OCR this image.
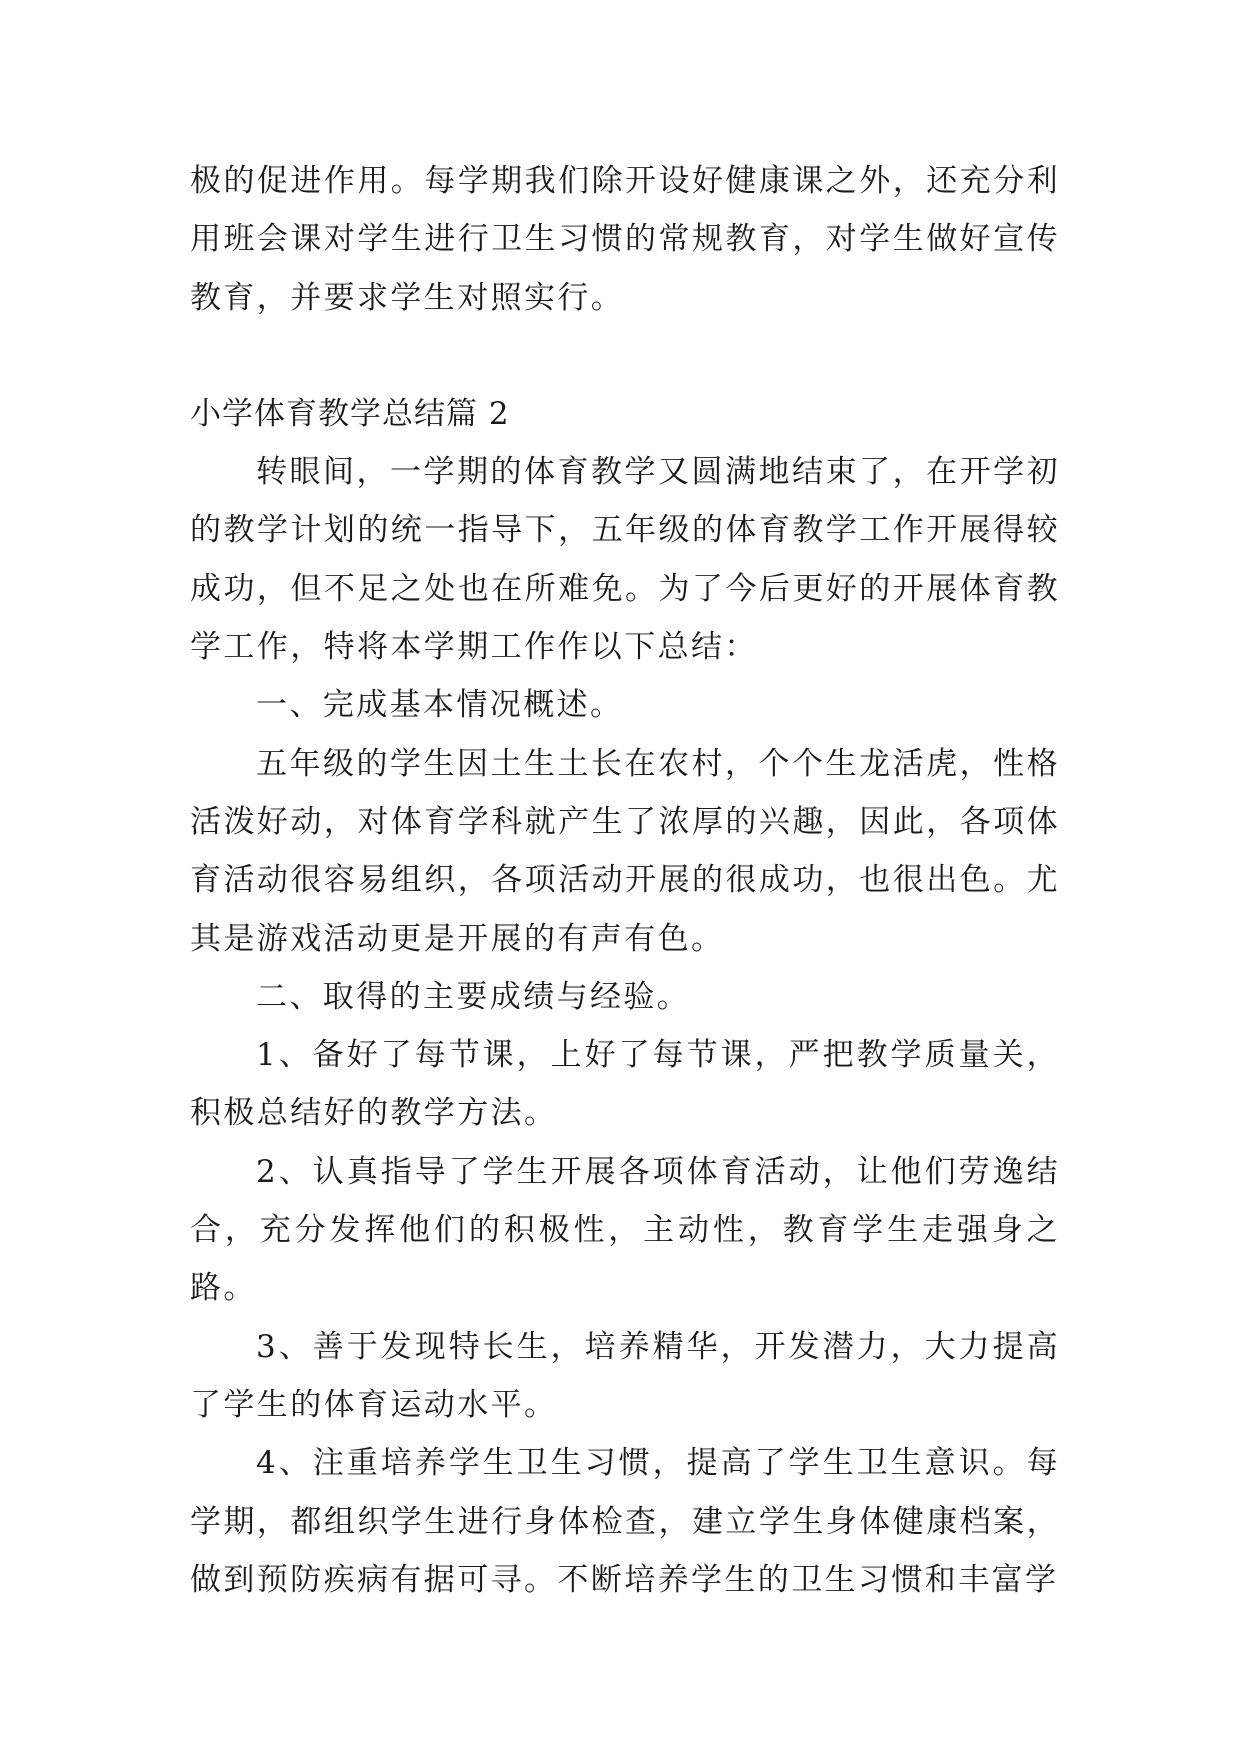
极的促进作用。每学期我们除开设好健康课之外，还充分利用班会课对学生进行卫生习惯的常规教育，对学生做好宣传教育，并要求学生对照实行。

小学体育教学总结篇 2

转眼间，一学期的体育教学又圆满地结束了，在开学初的教学计划的统一指导下，五年级的体育教学工作开展得较成功，但不足之处也在所难免。为了今后更好的开展体育教学工作，特将本学期工作作以下总结：

一、完成基本情况概述。

五年级的学生因土生土长在农村，个个生龙活虎，性格活泼好动，对体育学科就产生了浓厚的兴趣，因此，各项体育活动很容易组织，各项活动开展的很成功，也很出色。尤其是游戏活动更是开展的有声有色。

二、取得的主要成绩与经验。

1、备好了每节课，上好了每节课，严把教学质量关，积极总结好的教学方法。

2、认真指导了学生开展各项体育活动，让他们劳逸结合，充分发挥他们的积极性，主动性，教育学生走强身之路。

3、善于发现特长生，培养精华，开发潜力，大力提高了学生的体育运动水平。

4、注重培养学生卫生习惯，提高了学生卫生意识。每学期，都组织学生进行身体检查，建立学生身体健康档案，做到预防疾病有据可寻。不断培养学生的卫生习惯和丰富学
